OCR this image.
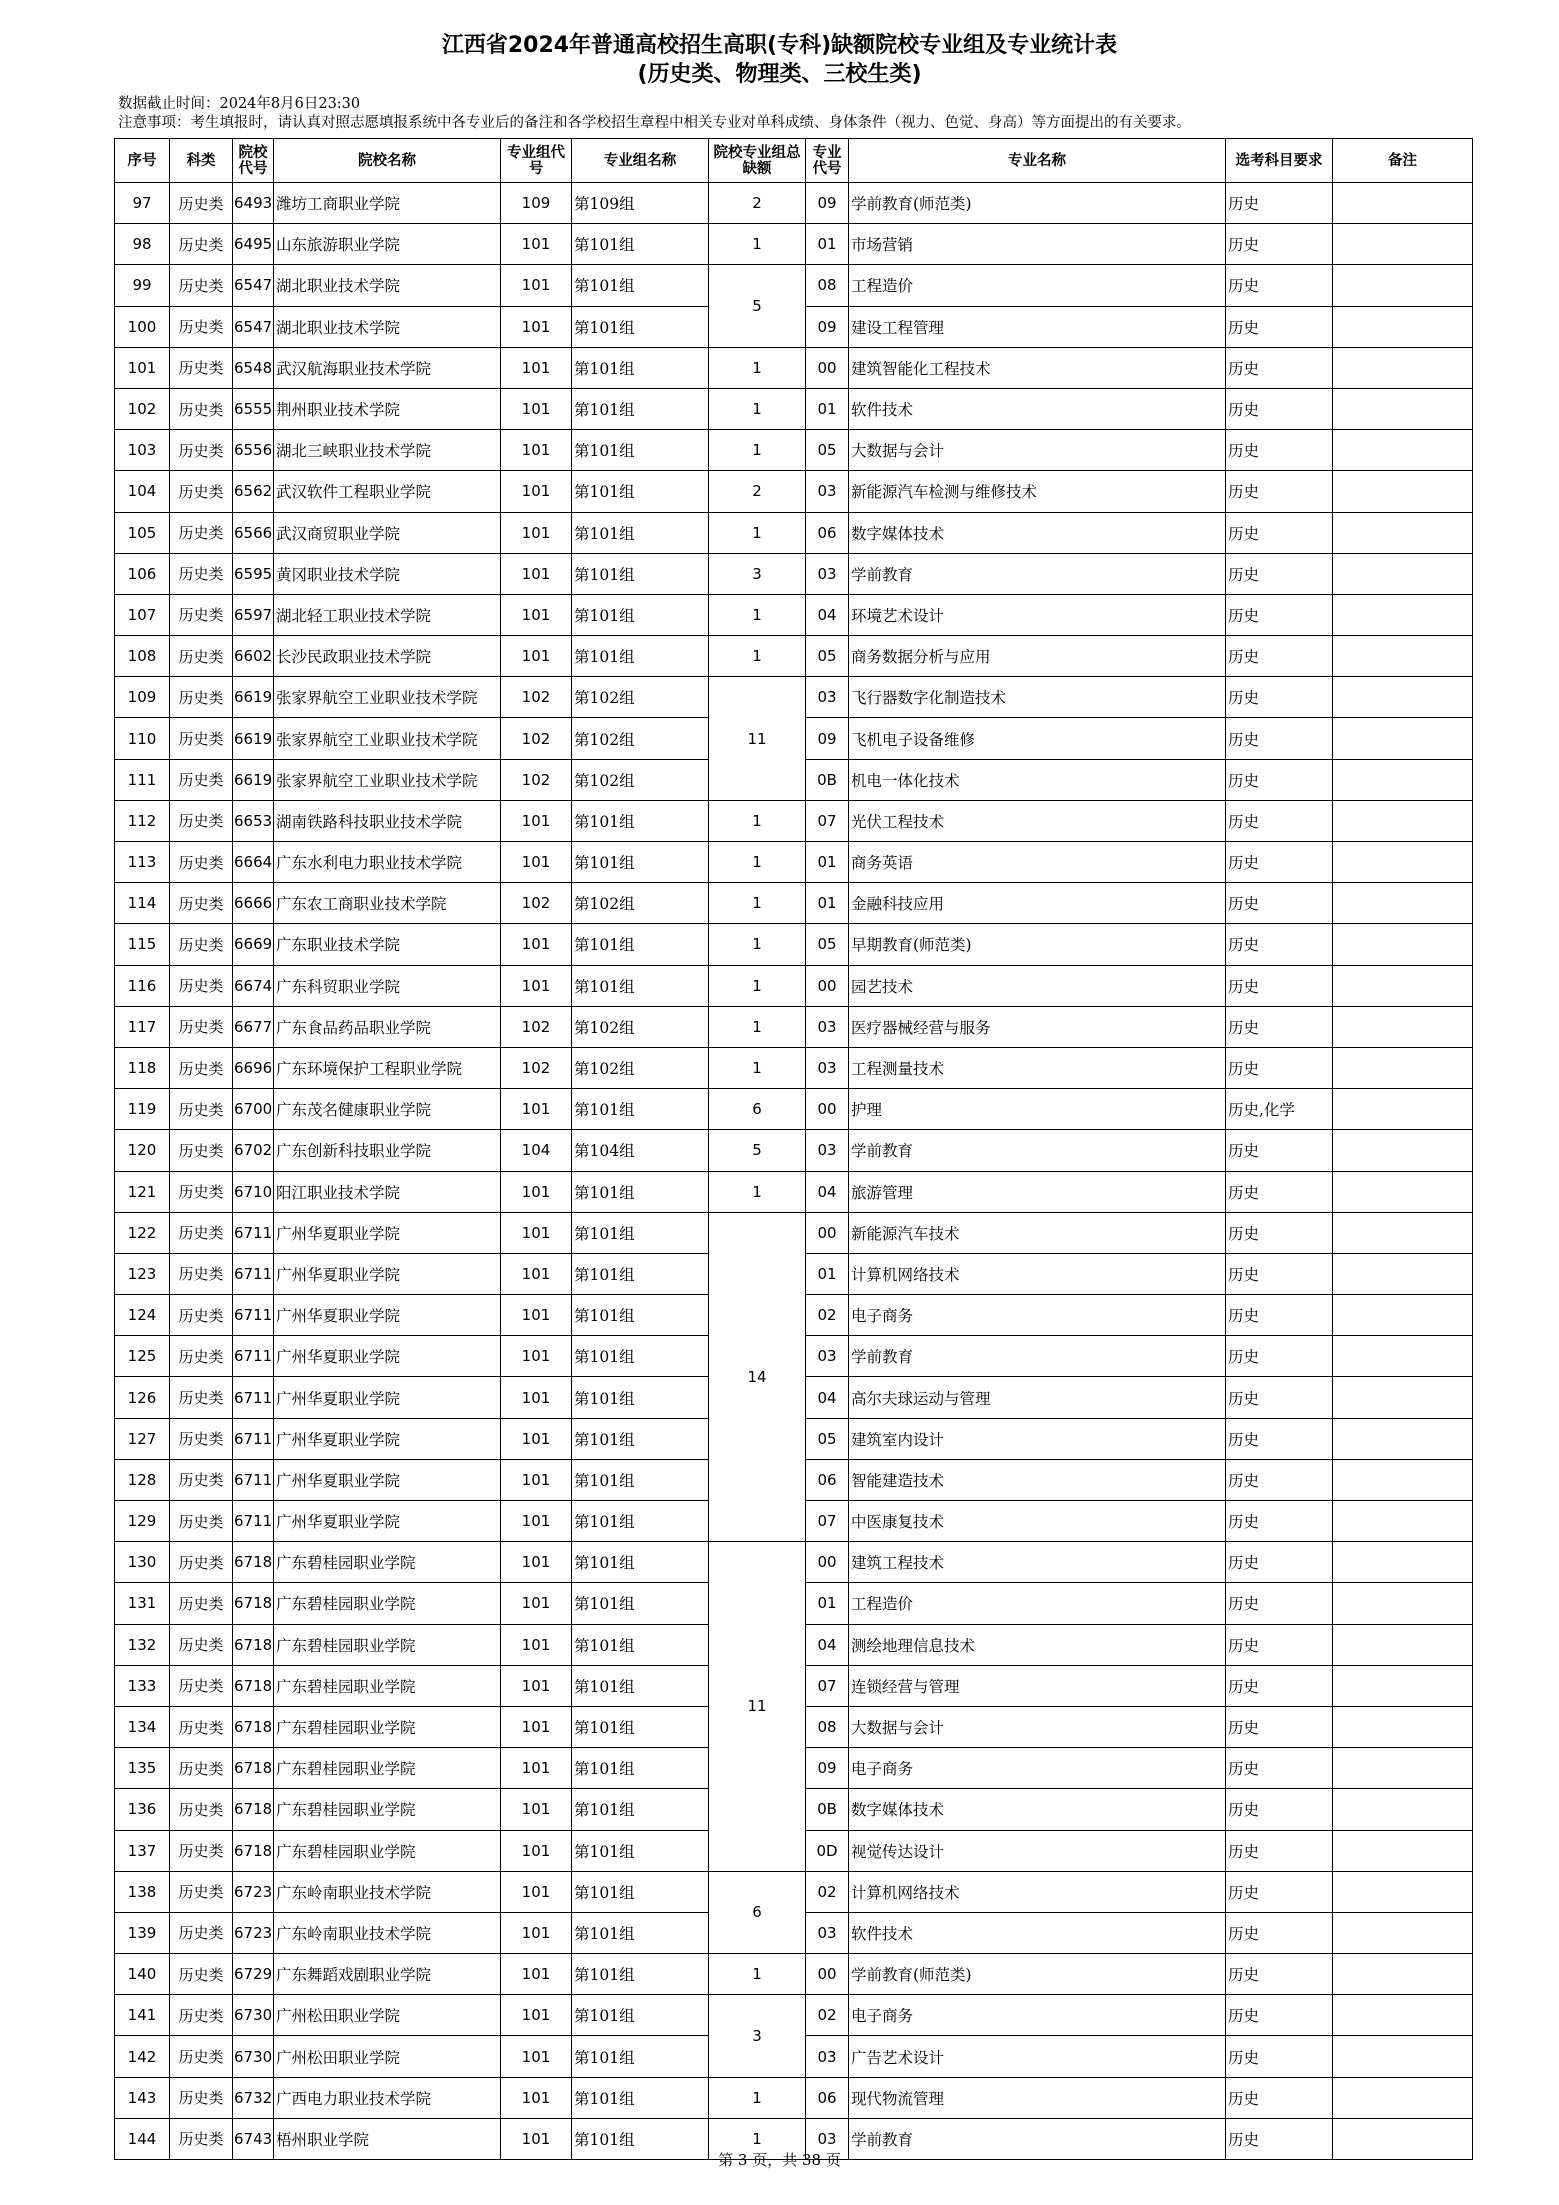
江西省2024年普通高校招生高职(专科)缺额院校专业组及专业统计表
(历史类、物理类、三校生类)
数据截止时间：2024年8月6日23:30
注意事项：考生填报时，请认真对照志愿填报系统中各专业后的备注和各学校招生章程中相关专业对单科成绩、身体条件（视力、色觉、身高）等方面提出的有关要求。
序号	科类	院校代号	院校名称	专业组代号	专业组名称	院校专业组总缺额	专业代号	专业名称	选考科目要求	备注
97	历史类	6493	潍坊工商职业学院	109	第109组	2	09	学前教育(师范类)	历史	
98	历史类	6495	山东旅游职业学院	101	第101组	1	01	市场营销	历史	
99	历史类	6547	湖北职业技术学院	101	第101组	5	08	工程造价	历史	
100	历史类	6547	湖北职业技术学院	101	第101组		09	建设工程管理	历史	
101	历史类	6548	武汉航海职业技术学院	101	第101组	1	00	建筑智能化工程技术	历史	
102	历史类	6555	荆州职业技术学院	101	第101组	1	01	软件技术	历史	
103	历史类	6556	湖北三峡职业技术学院	101	第101组	1	05	大数据与会计	历史	
104	历史类	6562	武汉软件工程职业学院	101	第101组	2	03	新能源汽车检测与维修技术	历史	
105	历史类	6566	武汉商贸职业学院	101	第101组	1	06	数字媒体技术	历史	
106	历史类	6595	黄冈职业技术学院	101	第101组	3	03	学前教育	历史	
107	历史类	6597	湖北轻工职业技术学院	101	第101组	1	04	环境艺术设计	历史	
108	历史类	6602	长沙民政职业技术学院	101	第101组	1	05	商务数据分析与应用	历史	
109	历史类	6619	张家界航空工业职业技术学院	102	第102组	11	03	飞行器数字化制造技术	历史	
110	历史类	6619	张家界航空工业职业技术学院	102	第102组		09	飞机电子设备维修	历史	
111	历史类	6619	张家界航空工业职业技术学院	102	第102组		0B	机电一体化技术	历史	
112	历史类	6653	湖南铁路科技职业技术学院	101	第101组	1	07	光伏工程技术	历史	
113	历史类	6664	广东水利电力职业技术学院	101	第101组	1	01	商务英语	历史	
114	历史类	6666	广东农工商职业技术学院	102	第102组	1	01	金融科技应用	历史	
115	历史类	6669	广东职业技术学院	101	第101组	1	05	早期教育(师范类)	历史	
116	历史类	6674	广东科贸职业学院	101	第101组	1	00	园艺技术	历史	
117	历史类	6677	广东食品药品职业学院	102	第102组	1	03	医疗器械经营与服务	历史	
118	历史类	6696	广东环境保护工程职业学院	102	第102组	1	03	工程测量技术	历史	
119	历史类	6700	广东茂名健康职业学院	101	第101组	6	00	护理	历史,化学	
120	历史类	6702	广东创新科技职业学院	104	第104组	5	03	学前教育	历史	
121	历史类	6710	阳江职业技术学院	101	第101组	1	04	旅游管理	历史	
122	历史类	6711	广州华夏职业学院	101	第101组	14	00	新能源汽车技术	历史	
123	历史类	6711	广州华夏职业学院	101	第101组		01	计算机网络技术	历史	
124	历史类	6711	广州华夏职业学院	101	第101组		02	电子商务	历史	
125	历史类	6711	广州华夏职业学院	101	第101组		03	学前教育	历史	
126	历史类	6711	广州华夏职业学院	101	第101组		04	高尔夫球运动与管理	历史	
127	历史类	6711	广州华夏职业学院	101	第101组		05	建筑室内设计	历史	
128	历史类	6711	广州华夏职业学院	101	第101组		06	智能建造技术	历史	
129	历史类	6711	广州华夏职业学院	101	第101组		07	中医康复技术	历史	
130	历史类	6718	广东碧桂园职业学院	101	第101组	11	00	建筑工程技术	历史	
131	历史类	6718	广东碧桂园职业学院	101	第101组		01	工程造价	历史	
132	历史类	6718	广东碧桂园职业学院	101	第101组		04	测绘地理信息技术	历史	
133	历史类	6718	广东碧桂园职业学院	101	第101组		07	连锁经营与管理	历史	
134	历史类	6718	广东碧桂园职业学院	101	第101组		08	大数据与会计	历史	
135	历史类	6718	广东碧桂园职业学院	101	第101组		09	电子商务	历史	
136	历史类	6718	广东碧桂园职业学院	101	第101组		0B	数字媒体技术	历史	
137	历史类	6718	广东碧桂园职业学院	101	第101组		0D	视觉传达设计	历史	
138	历史类	6723	广东岭南职业技术学院	101	第101组	6	02	计算机网络技术	历史	
139	历史类	6723	广东岭南职业技术学院	101	第101组		03	软件技术	历史	
140	历史类	6729	广东舞蹈戏剧职业学院	101	第101组	1	00	学前教育(师范类)	历史	
141	历史类	6730	广州松田职业学院	101	第101组	3	02	电子商务	历史	
142	历史类	6730	广州松田职业学院	101	第101组		03	广告艺术设计	历史	
143	历史类	6732	广西电力职业技术学院	101	第101组	1	06	现代物流管理	历史	
144	历史类	6743	梧州职业学院	101	第101组	1	03	学前教育	历史	
第 3 页，共 38 页
